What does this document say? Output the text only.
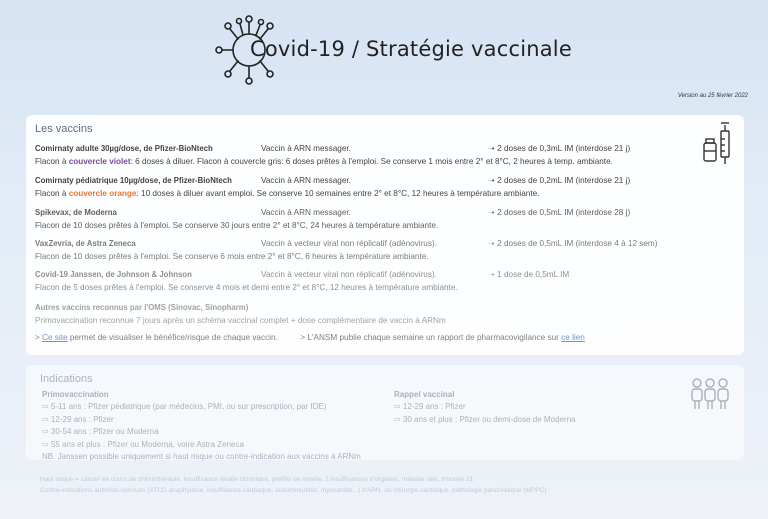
Covid-19 / Stratégie vaccinale
Version au 25 février 2022
Les vaccins
Comirnaty adulte 30µg/dose, de Pfizer-BioNtech	Vaccin à ARN messager.	➝ 2 doses de 0,3mL IM (interdose 21 j)
Flacon à couvercle violet: 6 doses à diluer. Flacon à couvercle gris: 6 doses prêtes à l'emploi. Se conserve 1 mois entre 2° et 8°C, 2 heures à temp. ambiante.
Comirnaty pédiatrique 10µg/dose, de Pfizer-BioNtech	Vaccin à ARN messager.	➝ 2 doses de 0,2mL IM (interdose 21 j)
Flacon à couvercle orange: 10 doses à diluer avant emploi. Se conserve 10 semaines entre 2° et 8°C, 12 heures à température ambiante.
Spikevax, de Moderna	Vaccin à ARN messager.	➝ 2 doses de 0,5mL IM (interdose 28 j)
Flacon de 10 doses prêtes à l'emploi. Se conserve 30 jours entre 2° et 8°C, 24 heures à température ambiante.
VaxZevria, de Astra Zeneca	Vaccin à vecteur viral non réplicatif (adénovirus).	➝ 2 doses de 0,5mL IM (interdose 4 à 12 sem)
Flacon de 10 doses prêtes à l'emploi. Se conserve 6 mois entre 2° et 8°C, 6 heures à température ambiante.
Covid-19 Janssen, de Johnson & Johnson	Vaccin à vecteur viral non réplicatif (adénovirus).	➝ 1 dose de 0,5mL IM
Flacon de 5 doses prêtes à l'emploi. Se conserve 4 mois et demi entre 2° et 8°C, 12 heures à température ambiante.
Autres vaccins reconnus par l'OMS (Sinovac, Sinopharm)
Primovaccination reconnue 7 jours après un schéma vaccinal complet + dose complémentaire de vaccin à ARNm
> Ce site permet de visualiser le bénéfice/risque de chaque vaccin.	> L'ANSM publie chaque semaine un rapport de pharmacovigilance sur ce lien
Indications
Primovaccination
⇨ 5-11 ans : Pfizer pédiatrique (par médecins, PMI, ou sur prescription, par IDE)
⇨ 12-29 ans : Pfizer
⇨ 30-54 ans : Pfizer ou Moderna
⇨ 55 ans et plus : Pfizer ou Moderna, voire Astra Zeneca
NB. Janssen possible uniquement si haut risque ou contre-indication aux vaccins à ARNm
Rappel vaccinal
⇨ 12-29 ans : Pfizer
⇨ 30 ans et plus : Pfizer ou demi-dose de Moderna
Haut risque = cancer en cours de chimiothérapie, insuffisance rénale chronique, greffés de moelle, 2 insuffisances d'organes, maladie rare, trisomie 21
Contre-indications autrefois connues (ATCD anaphylaxie, insuffisance cardiaque, autoimmunités, myocardite...) d'ARN, ou chirurgie cardiaque, pathologie pancréatique (MPPC)
